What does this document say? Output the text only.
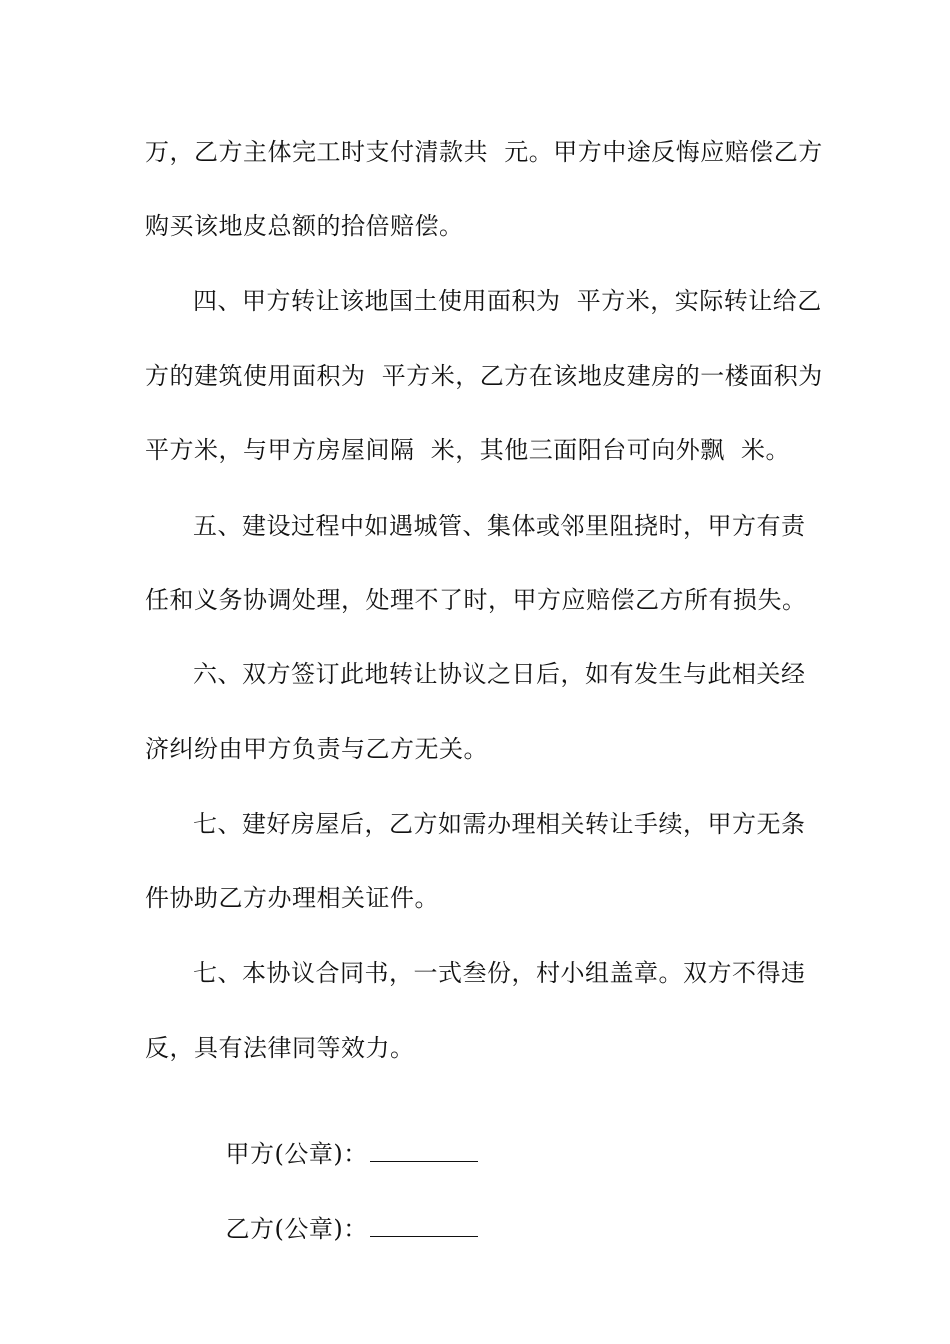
万，乙方主体完工时支付清款共  元。甲方中途反悔应赔偿乙方
购买该地皮总额的拾倍赔偿。
四、甲方转让该地国土使用面积为  平方米，实际转让给乙
方的建筑使用面积为  平方米，乙方在该地皮建房的一楼面积为
平方米，与甲方房屋间隔  米，其他三面阳台可向外飘  米。
五、建设过程中如遇城管、集体或邻里阻挠时，甲方有责
任和义务协调处理，处理不了时，甲方应赔偿乙方所有损失。
六、双方签订此地转让协议之日后，如有发生与此相关经
济纠纷由甲方负责与乙方无关。
七、建好房屋后，乙方如需办理相关转让手续，甲方无条
件协助乙方办理相关证件。
七、本协议合同书，一式叁份，村小组盖章。双方不得违
反，具有法律同等效力。

甲方(公章)：

乙方(公章)：
